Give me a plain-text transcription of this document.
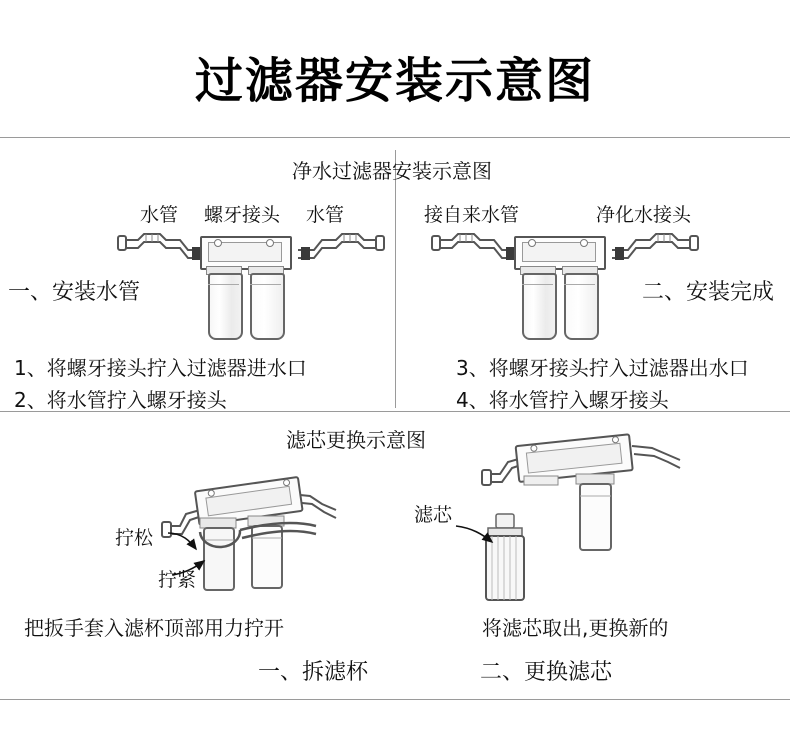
过滤器安装示意图
净水过滤器安装示意图
水管 螺牙接头 水管	接自来水管	净化水接头
一、安装水管	二、安装完成
1、将螺牙接头拧入过滤器进水口
2、将水管拧入螺牙接头
3、将螺牙接头拧入过滤器出水口
4、将水管拧入螺牙接头
滤芯更换示意图
拧松
拧紧
把扳手套入滤杯顶部用力拧开
滤芯
将滤芯取出,更换新的
一、拆滤杯	二、更换滤芯
